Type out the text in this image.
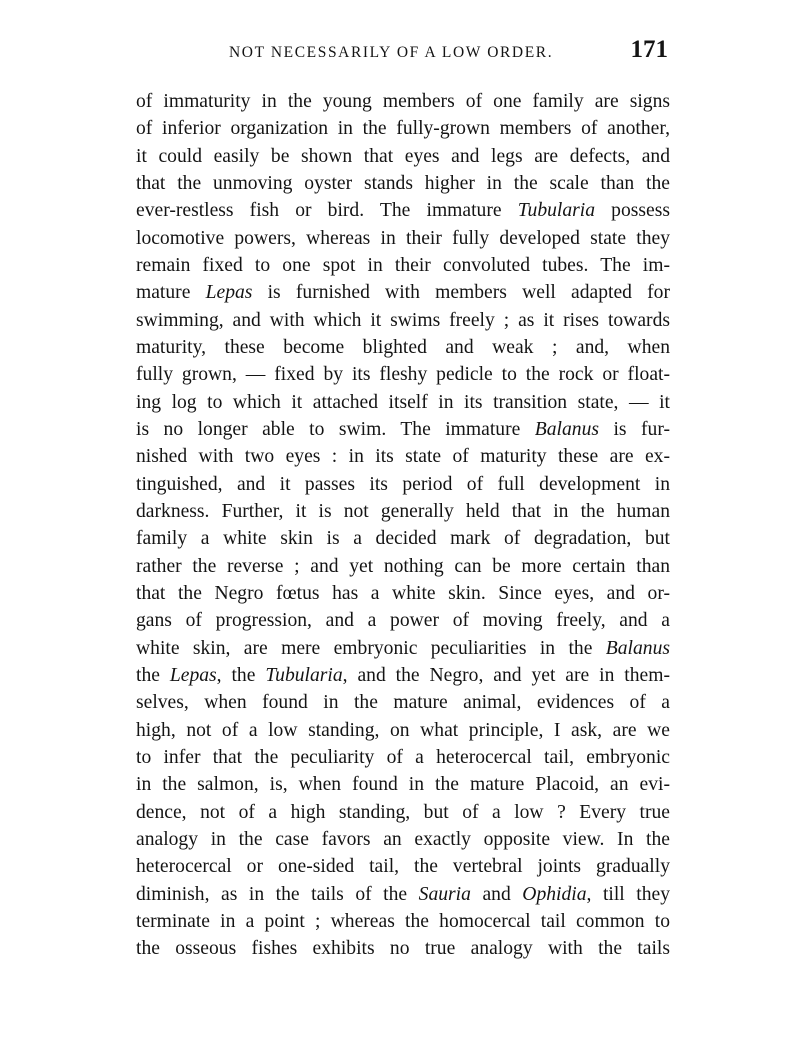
NOT NECESSARILY OF A LOW ORDER.	171
of immaturity in the young members of one family are signs
of inferior organization in the fully-grown members of another,
it could easily be shown that eyes and legs are defects, and
that the unmoving oyster stands higher in the scale than the
ever-restless fish or bird. The immature Tubularia possess
locomotive powers, whereas in their fully developed state they
remain fixed to one spot in their convoluted tubes. The im-
mature Lepas is furnished with members well adapted for
swimming, and with which it swims freely ; as it rises towards
maturity, these become blighted and weak ; and, when
fully grown, — fixed by its fleshy pedicle to the rock or float-
ing log to which it attached itself in its transition state, — it
is no longer able to swim. The immature Balanus is fur-
nished with two eyes : in its state of maturity these are ex-
tinguished, and it passes its period of full development in
darkness. Further, it is not generally held that in the human
family a white skin is a decided mark of degradation, but
rather the reverse ; and yet nothing can be more certain than
that the Negro fœtus has a white skin. Since eyes, and or-
gans of progression, and a power of moving freely, and a
white skin, are mere embryonic peculiarities in the Balanus
the Lepas, the Tubularia, and the Negro, and yet are in them-
selves, when found in the mature animal, evidences of a
high, not of a low standing, on what principle, I ask, are we
to infer that the peculiarity of a heterocercal tail, embryonic
in the salmon, is, when found in the mature Placoid, an evi-
dence, not of a high standing, but of a low ? Every true
analogy in the case favors an exactly opposite view. In the
heterocercal or one-sided tail, the vertebral joints gradually
diminish, as in the tails of the Sauria and Ophidia, till they
terminate in a point ; whereas the homocercal tail common to
the osseous fishes exhibits no true analogy with the tails
